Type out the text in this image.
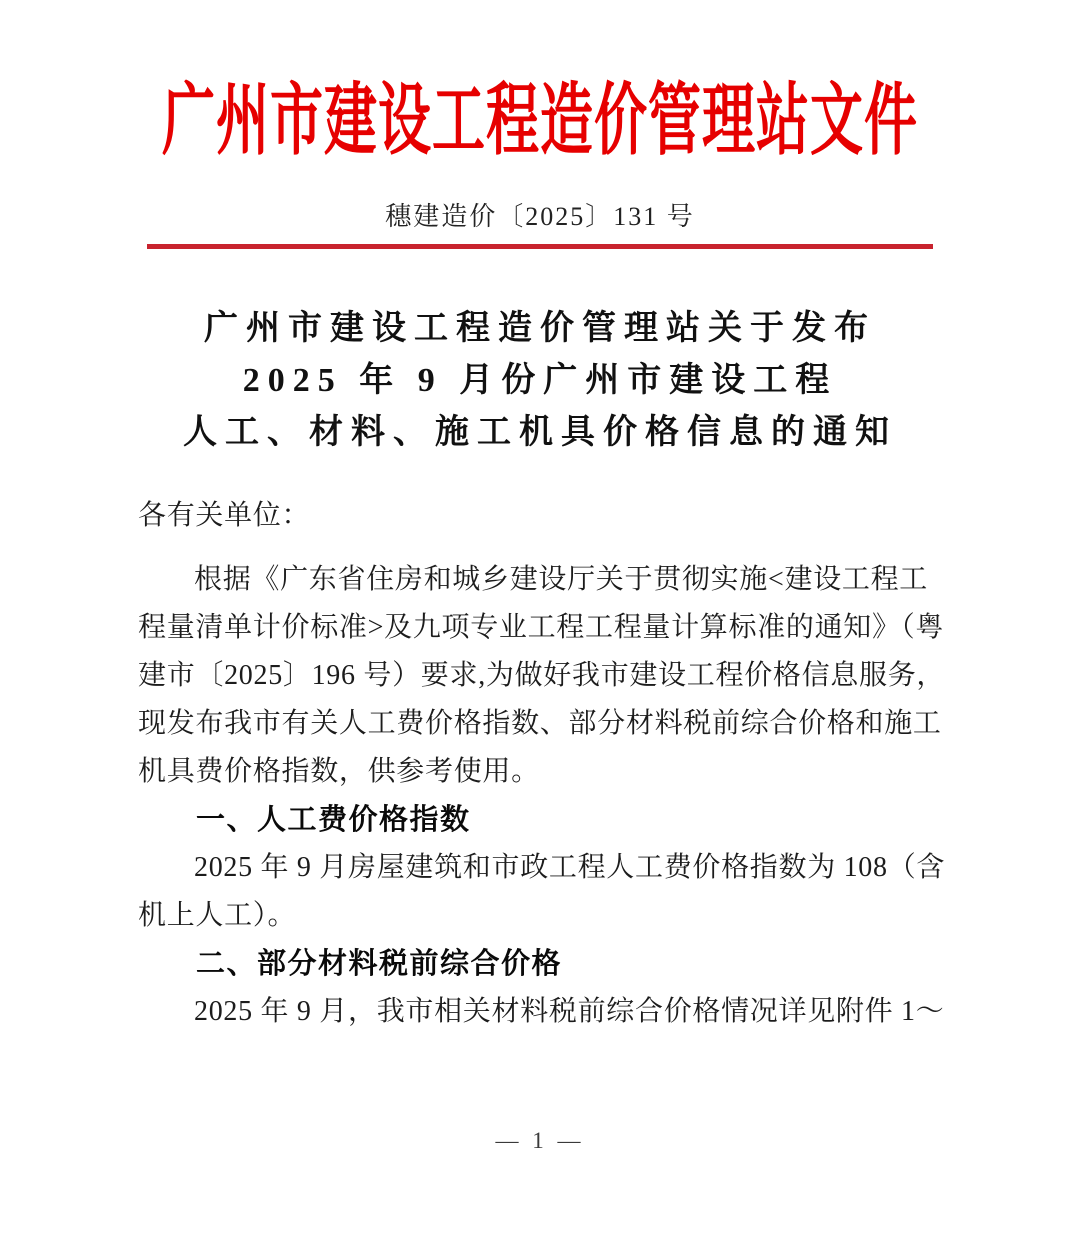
广州市建设工程造价管理站文件
穗建造价〔2025〕131 号
广州市建设工程造价管理站关于发布
2025 年 9 月份广州市建设工程
人工、材料、施工机具价格信息的通知
各有关单位：
根据《广东省住房和城乡建设厅关于贯彻实施<建设工程工
程量清单计价标准>及九项专业工程工程量计算标准的通知》（粤
建市〔2025〕196 号）要求,为做好我市建设工程价格信息服务，
现发布我市有关人工费价格指数、部分材料税前综合价格和施工
机具费价格指数，供参考使用。
一、人工费价格指数
2025 年 9 月房屋建筑和市政工程人工费价格指数为 108（含
机上人工）。
二、部分材料税前综合价格
2025 年 9 月，我市相关材料税前综合价格情况详见附件 1～
— 1 —
